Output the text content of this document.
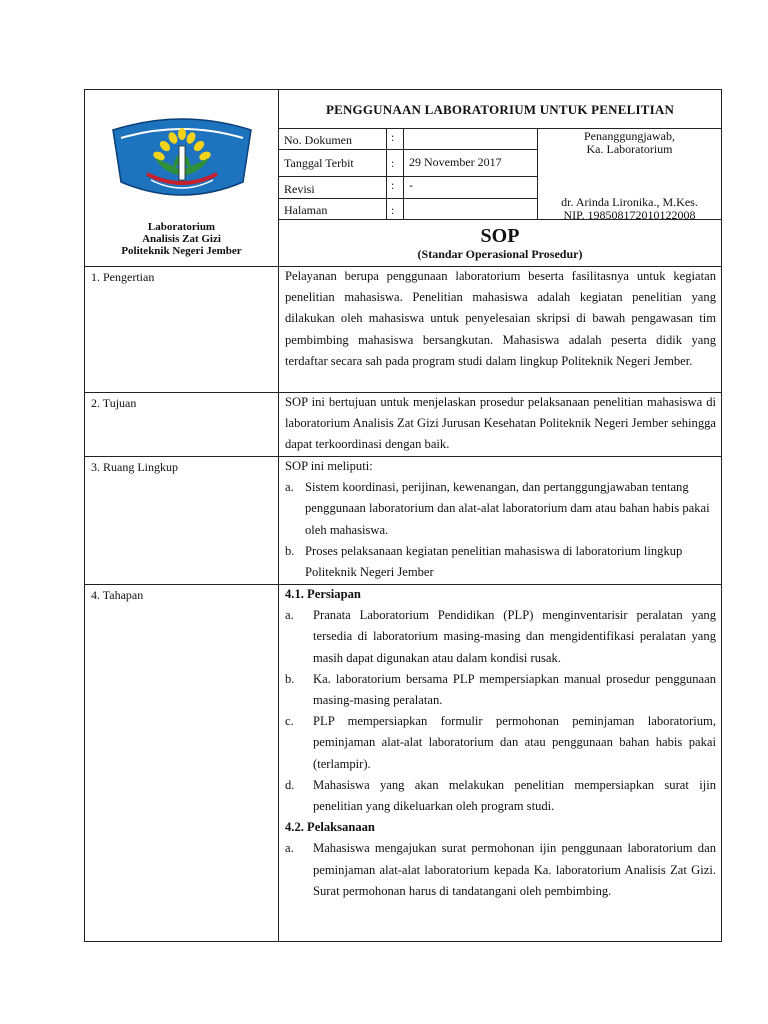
Laboratorium
Analisis Zat Gizi
Politeknik Negeri Jember
PENGGUNAAN LABORATORIUM UNTUK PENELITIAN
No. Dokumen	:
Tanggal Terbit	: 29 November 2017
Revisi	: -
Halaman	:
Penanggungjawab,
Ka. Laboratorium
dr. Arinda Lironika., M.Kes.
NIP. 198508172010122008
SOP
(Standar Operasional Prosedur)
1. Pengertian	Pelayanan berupa penggunaan laboratorium beserta fasilitasnya untuk kegiatan penelitian mahasiswa. Penelitian mahasiswa adalah kegiatan penelitian yang dilakukan oleh mahasiswa untuk penyelesaian skripsi di bawah pengawasan tim pembimbing mahasiswa bersangkutan. Mahasiswa adalah peserta didik yang terdaftar secara sah pada program studi dalam lingkup Politeknik Negeri Jember.

2. Tujuan	SOP ini bertujuan untuk menjelaskan prosedur pelaksanaan penelitian mahasiswa di laboratorium Analisis Zat Gizi Jurusan Kesehatan Politeknik Negeri Jember sehingga dapat terkoordinasi dengan baik.

3. Ruang Lingkup	SOP ini meliputi:

a. Sistem koordinasi, perijinan, kewenangan, dan pertanggungjawaban tentang penggunaan laboratorium dan alat-alat laboratorium dam atau bahan habis pakai oleh mahasiswa.
b. Proses pelaksanaan kegiatan penelitian mahasiswa di laboratorium lingkup Politeknik Negeri Jember
4. Tahapan	4.1. Persiapan

a.	Pranata Laboratorium Pendidikan (PLP) menginventarisir peralatan yang tersedia di laboratorium masing-masing dan mengidentifikasi peralatan yang masih dapat digunakan atau dalam kondisi rusak.
b.	Ka. laboratorium bersama PLP mempersiapkan manual prosedur penggunaan masing-masing peralatan.
c.	PLP mempersiapkan formulir permohonan peminjaman laboratorium, peminjaman alat-alat laboratorium dan atau penggunaan bahan habis pakai (terlampir).
d.	Mahasiswa yang akan melakukan penelitian mempersiapkan surat ijin penelitian yang dikeluarkan oleh program studi.

4.2. Pelaksanaan

a.	Mahasiswa mengajukan surat permohonan ijin penggunaan laboratorium dan peminjaman alat-alat laboratorium kepada Ka. laboratorium Analisis Zat Gizi. Surat permohonan harus di tandatangani oleh pembimbing.
